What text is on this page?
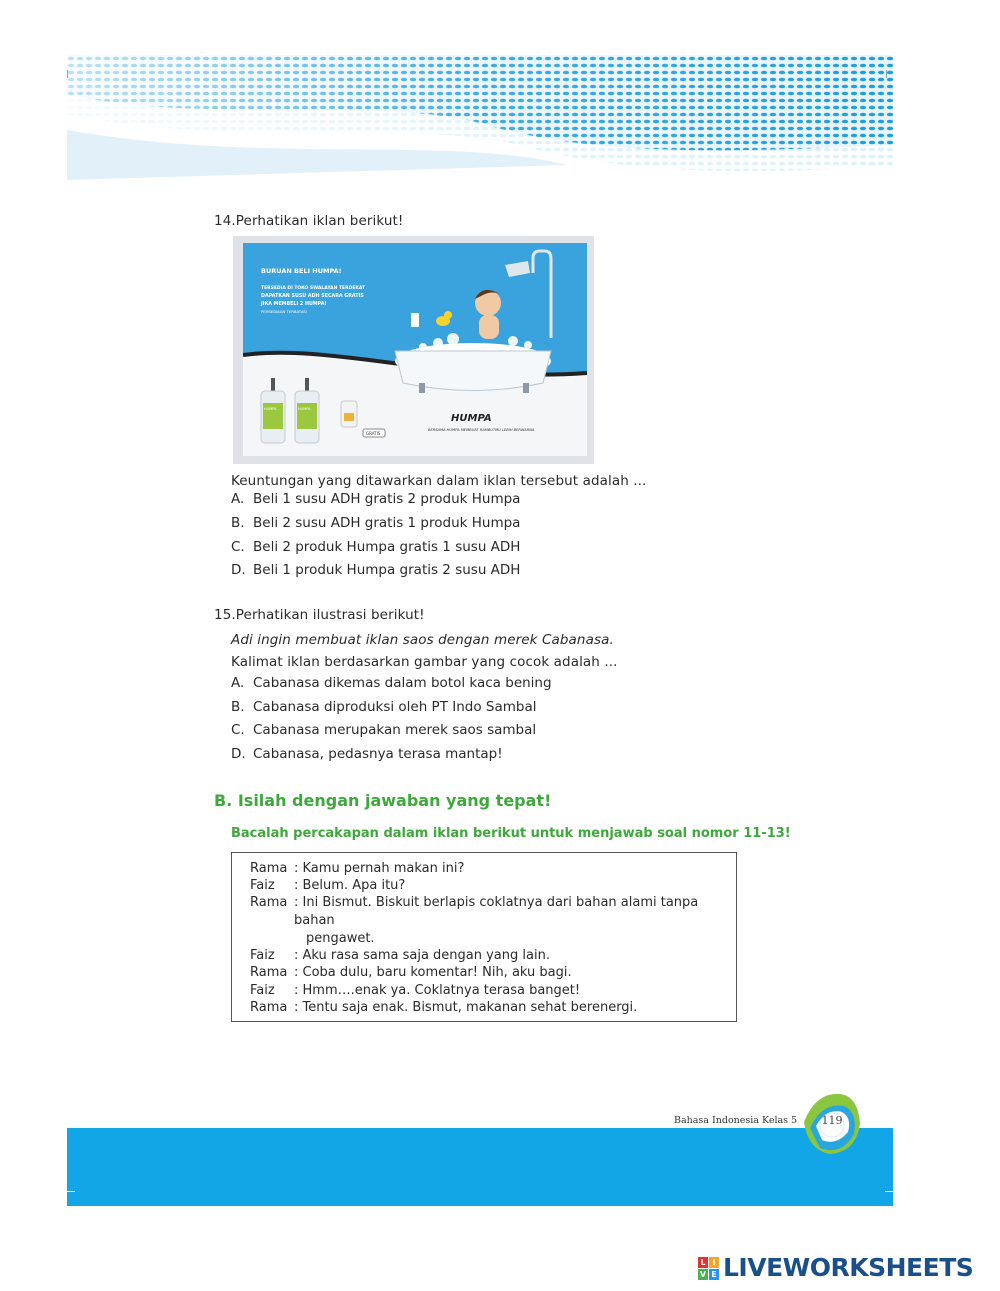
14.Perhatikan iklan berikut!
BURUAN BELI HUMPA!
TERSEDIA DI TOKO SWALAYAN TERDEKAT
DAPATKAN SUSU ADH SECARA GRATIS
JIKA MEMBELI 2 HUMPA!
PERSEDIAAN TERBATAS!
HUMPA	HUMPA
GRATIS
HUMPA
BERSAMA HUMPA MEMBUAT RAMBUTMU LEBIH BERWARNA
Keuntungan yang ditawarkan dalam iklan tersebut adalah ...
A. Beli 1 susu ADH gratis 2 produk Humpa
B. Beli 2 susu ADH gratis 1 produk Humpa
C. Beli 2 produk Humpa gratis 1 susu ADH
D. Beli 1 produk Humpa gratis 2 susu ADH
15.Perhatikan ilustrasi berikut!
Adi ingin membuat iklan saos dengan merek Cabanasa.
Kalimat iklan berdasarkan gambar yang cocok adalah ...
A. Cabanasa dikemas dalam botol kaca bening
B. Cabanasa diproduksi oleh PT Indo Sambal
C. Cabanasa merupakan merek saos sambal
D. Cabanasa, pedasnya terasa mantap!
B. Isilah dengan jawaban yang tepat!
Bacalah percakapan dalam iklan berikut untuk menjawab soal nomor 11-13!
Rama : Kamu pernah makan ini?
Faiz : Belum. Apa itu?
Rama : Ini Bismut. Biskuit berlapis coklatnya dari bahan alami tanpa
bahan
pengawet.
Faiz : Aku rasa sama saja dengan yang lain.
Rama : Coba dulu, baru komentar! Nih, aku bagi.
Faiz : Hmm….enak ya. Coklatnya terasa banget!
Rama : Tentu saja enak. Bismut, makanan sehat berenergi.
Bahasa Indonesia Kelas 5 119
L I
V E LIVEWORKSHEETS
